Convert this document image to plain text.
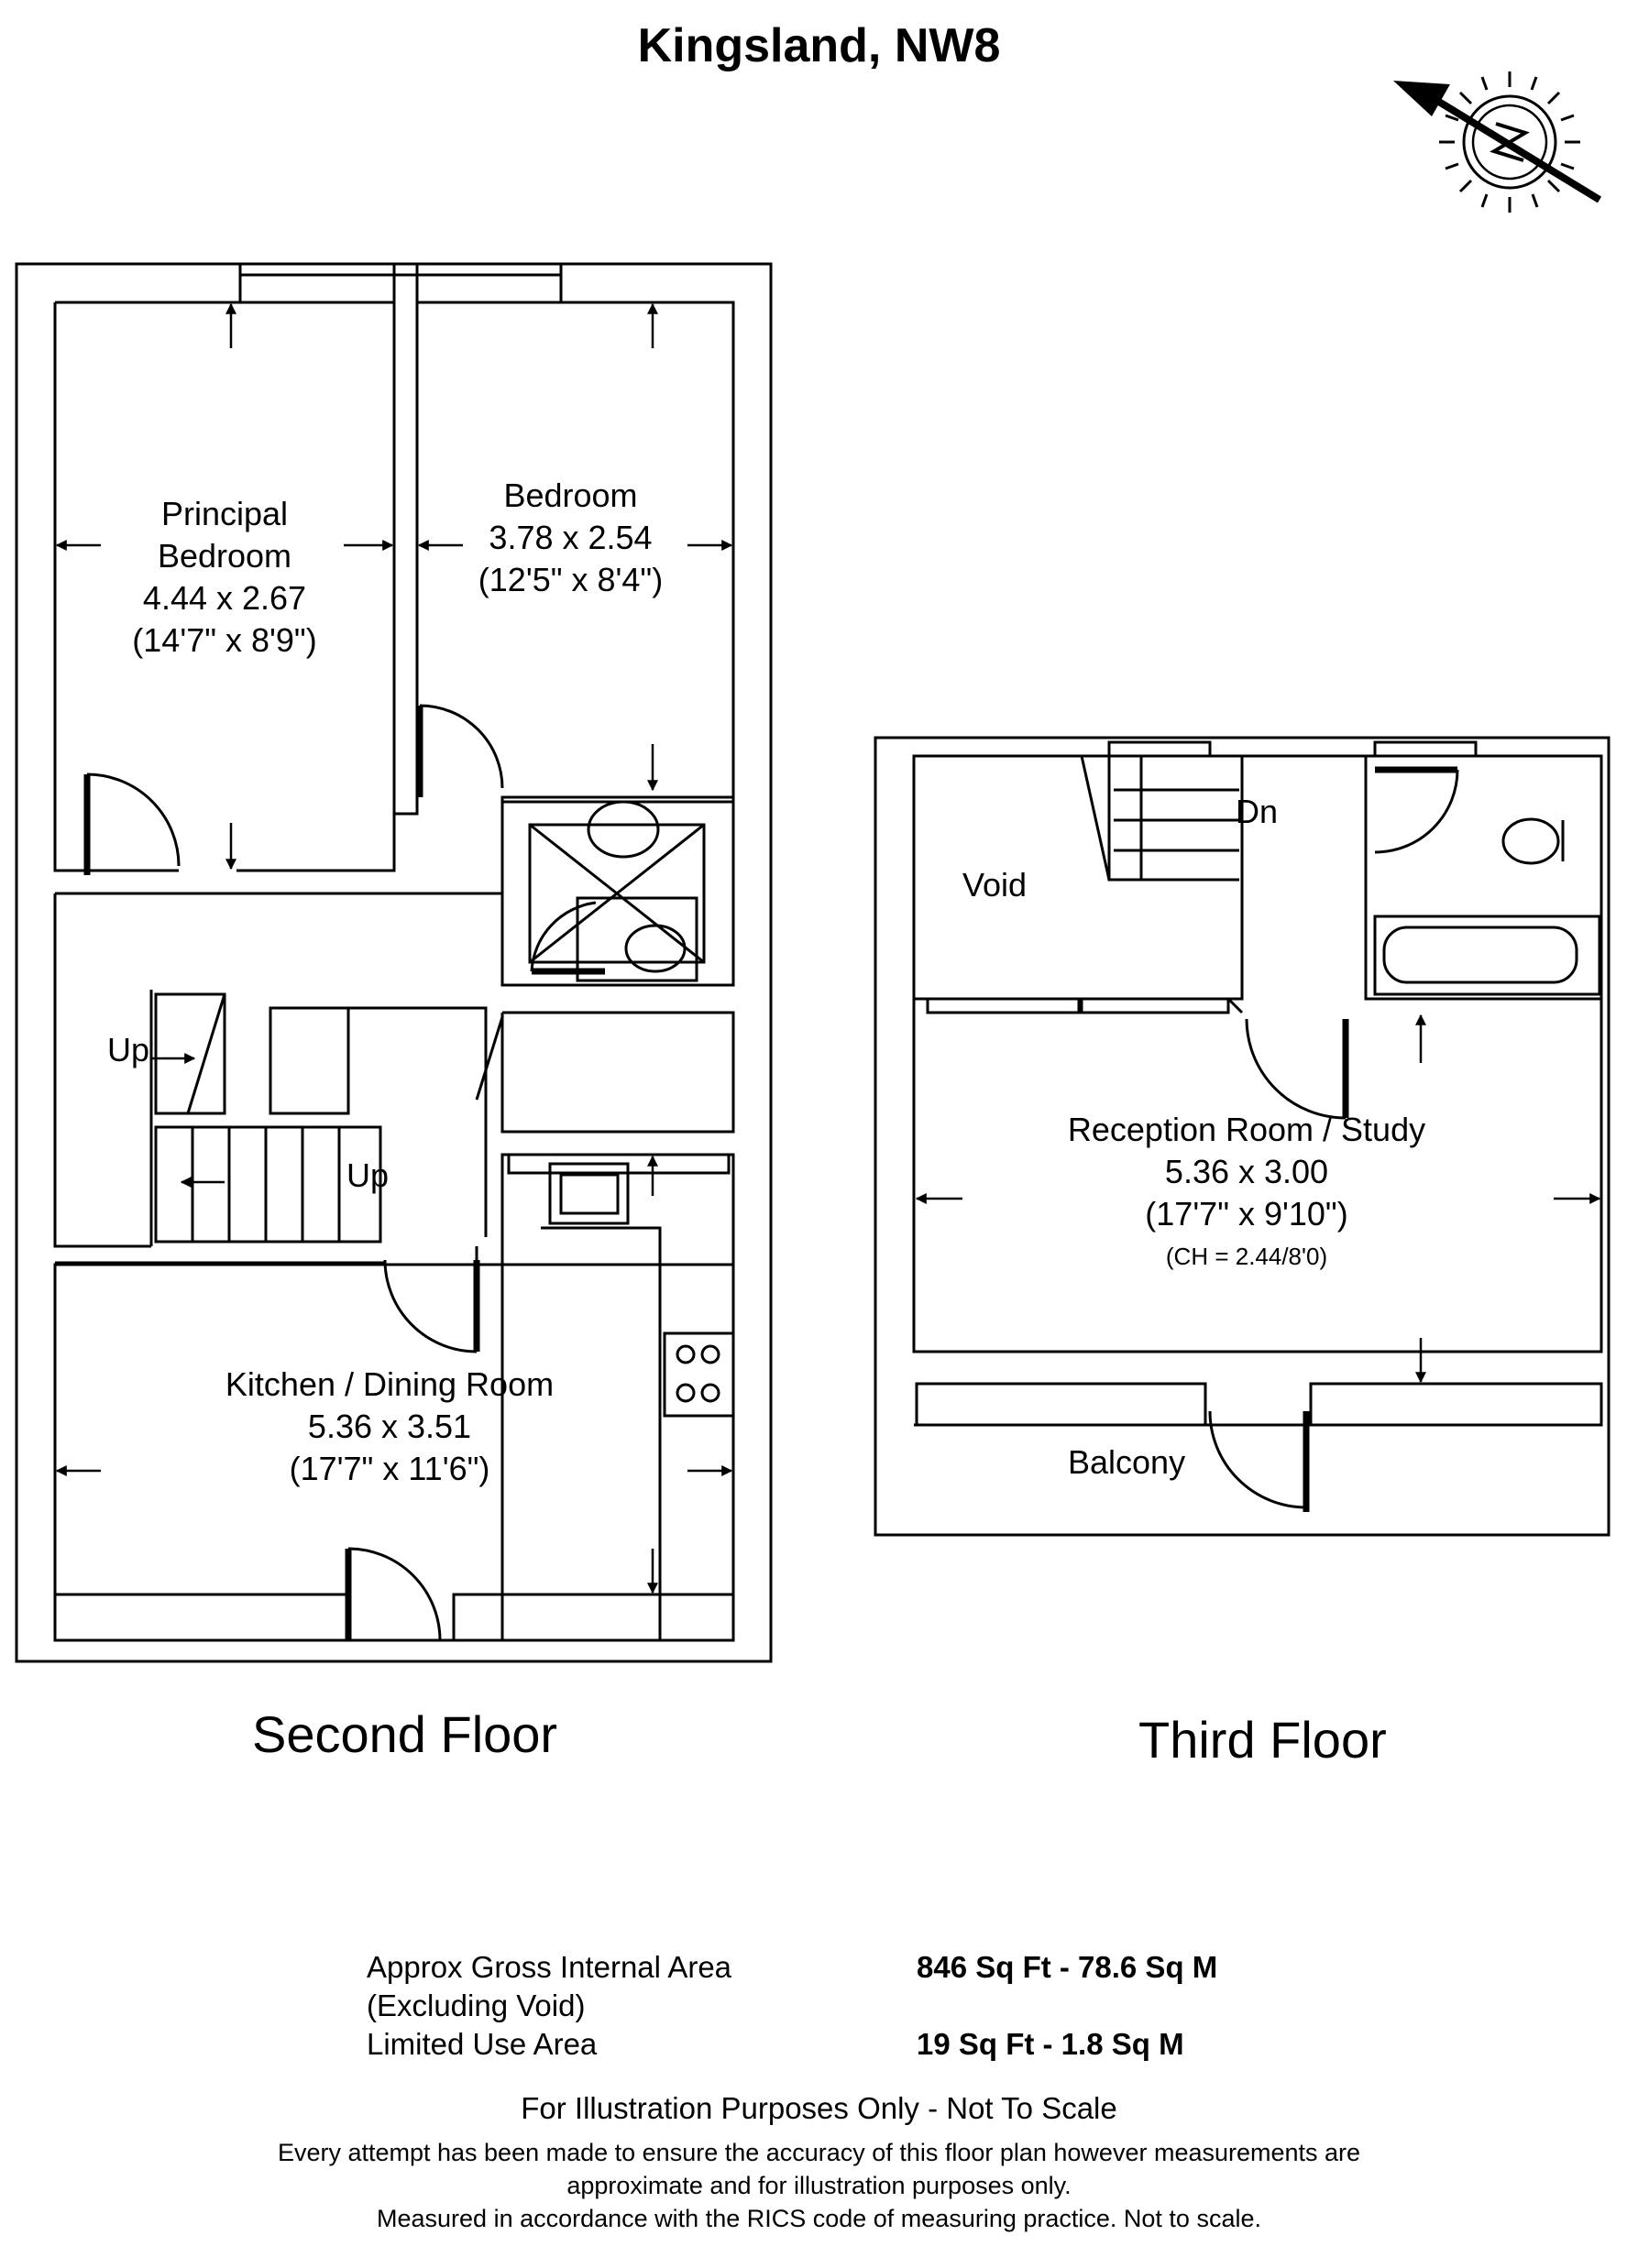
Kingsland, NW8
Principal
Bedroom
4.44 x 2.67
(14'7" x 8'9")
Bedroom
3.78 x 2.54
(12'5" x 8'4")
Kitchen / Dining Room
5.36 x 3.51
(17'7" x 11'6")
Up
Up
Second Floor
Reception Room / Study
5.36 x 3.00
(17'7" x 9'10")
(CH = 2.44/8'0)
Void
Balcony
Dn
Third Floor
Approx Gross Internal Area	846 Sq Ft - 78.6 Sq M
(Excluding Void)
Limited Use Area	19 Sq Ft - 1.8 Sq M
For Illustration Purposes Only - Not To Scale
Every attempt has been made to ensure the accuracy of this floor plan however measurements are
approximate and for illustration purposes only.
Measured in accordance with the RICS code of measuring practice. Not to scale.
